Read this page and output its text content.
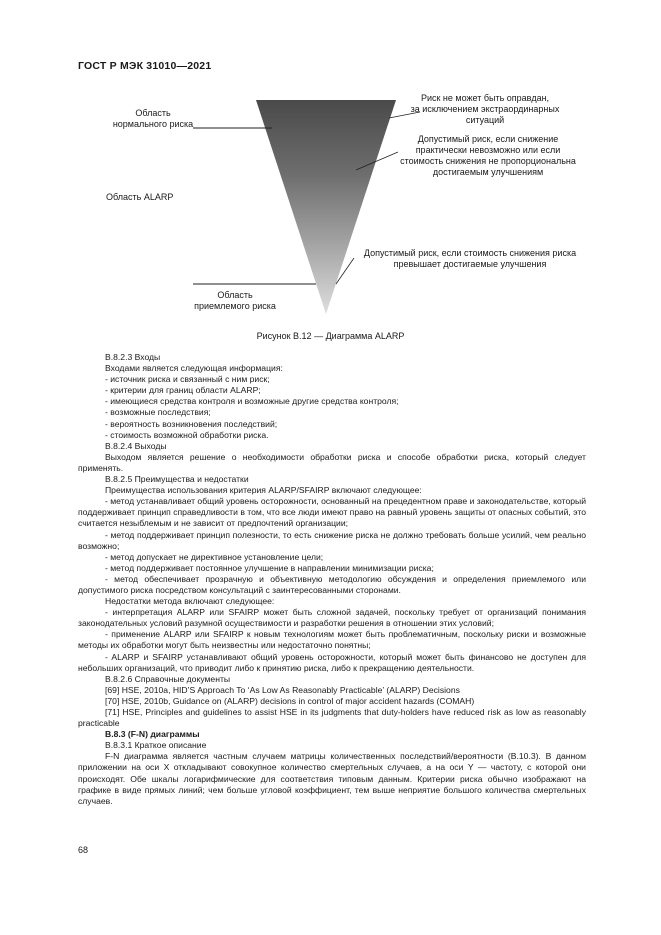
ГОСТ Р МЭК 31010—2021
Область
нормального риска
Область ALARP
Область
приемлемого риска
Риск не может быть оправдан,
за исключением экстраординарных
ситуаций
Допустимый риск, если снижение
практически невозможно или если
стоимость снижения не пропорциональна
достигаемым улучшениям
Допустимый риск, если стоимость снижения риска
превышает достигаемые улучшения
Рисунок В.12 — Диаграмма ALARP

В.8.2.3 Входы

Входами является следующая информация:

- источник риска и связанный с ним риск;

- критерии для границ области ALARP;

- имеющиеся средства контроля и возможные другие средства контроля;

- возможные последствия;

- вероятность возникновения последствий;

- стоимость возможной обработки риска.

В.8.2.4 Выходы

Выходом является решение о необходимости обработки риска и способе обработки риска, который следует применять.

В.8.2.5 Преимущества и недостатки

Преимущества использования критерия ALARP/SFAIRP включают следующее:

- метод устанавливает общий уровень осторожности, основанный на прецедентном праве и законодательстве, который поддерживает принцип справедливости в том, что все люди имеют право на равный уровень защиты от опасных событий, это считается незыблемым и не зависит от предпочтений организации;

- метод поддерживает принцип полезности, то есть снижение риска не должно требовать больше усилий, чем реально возможно;

- метод допускает не директивное установление цели;

- метод поддерживает постоянное улучшение в направлении минимизации риска;

- метод обеспечивает прозрачную и объективную методологию обсуждения и определения приемлемого или допустимого риска посредством консультаций с заинтересованными сторонами.

Недостатки метода включают следующее:

- интерпретация ALARP или SFAIRP может быть сложной задачей, поскольку требует от организаций понимания законодательных условий разумной осуществимости и разработки решения в отношении этих условий;

- применение ALARP или SFAIRP к новым технологиям может быть проблематичным, поскольку риски и возможные методы их обработки могут быть неизвестны или недостаточно понятны;

- ALARP и SFAIRP устанавливают общий уровень осторожности, который может быть финансово не доступен для небольших организаций, что приводит либо к принятию риска, либо к прекращению деятельности.

В.8.2.6 Справочные документы

[69] HSE, 2010a, HID’S Approach To ‘As Low As Reasonably Practicable’ (ALARP) Decisions

[70] HSE, 2010b, Guidance on (ALARP) decisions in control of major accident hazards (COMAH)

[71] HSE, Principles and guidelines to assist HSE in its judgments that duty-holders have reduced risk as low as reasonably practicable

В.8.3 (F-N) диаграммы

В.8.3.1 Краткое описание

F-N диаграмма является частным случаем матрицы количественных последствий/вероятности (В.10.3). В данном приложении на оси X откладывают совокупное количество смертельных случаев, а на оси Y — частоту, с которой они происходят. Обе шкалы логарифмические для соответствия типовым данным. Критерии риска обычно изображают на графике в виде прямых линий; чем больше угловой коэффициент, тем выше неприятие большого количества смертельных случаев.

68
